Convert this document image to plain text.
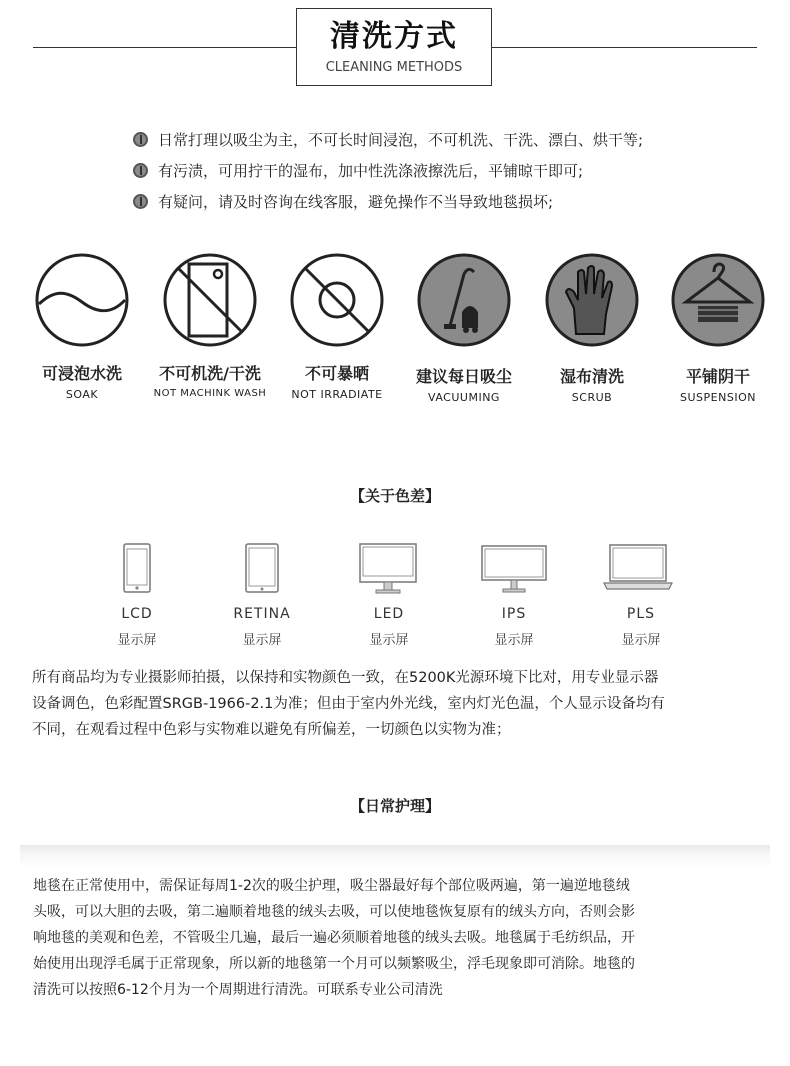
清洗方式
CLEANING METHODS
日常打理以吸尘为主，不可长时间浸泡，不可机洗、干洗、漂白、烘干等;
有污渍，可用拧干的湿布，加中性洗涤液擦洗后，平铺晾干即可;
有疑问，请及时咨询在线客服，避免操作不当导致地毯损坏;
可浸泡水洗
SOAK
不可机洗/干洗
NOT MACHINK WASH
不可暴晒
NOT IRRADIATE
建议每日吸尘
VACUUMING
湿布清洗
SCRUB
平铺阴干
SUSPENSION
【关于色差】
LCD
显示屏
RETINA
显示屏
LED
显示屏
IPS
显示屏
PLS
显示屏
所有商品均为专业摄影师拍摄，以保持和实物颜色一致，在5200K光源环境下比对，用专业显示器
设备调色，色彩配置SRGB-1966-2.1为准；但由于室内外光线，室内灯光色温，个人显示设备均有
不同，在观看过程中色彩与实物难以避免有所偏差，一切颜色以实物为准；
【日常护理】
地毯在正常使用中，需保证每周1-2次的吸尘护理，吸尘器最好每个部位吸两遍，第一遍逆地毯绒
头吸，可以大胆的去吸，第二遍顺着地毯的绒头去吸，可以使地毯恢复原有的绒头方向，否则会影
响地毯的美观和色差，不管吸尘几遍，最后一遍必须顺着地毯的绒头去吸。地毯属于毛纺织品，开
始使用出现浮毛属于正常现象，所以新的地毯第一个月可以频繁吸尘，浮毛现象即可消除。地毯的
清洗可以按照6-12个月为一个周期进行清洗。可联系专业公司清洗
